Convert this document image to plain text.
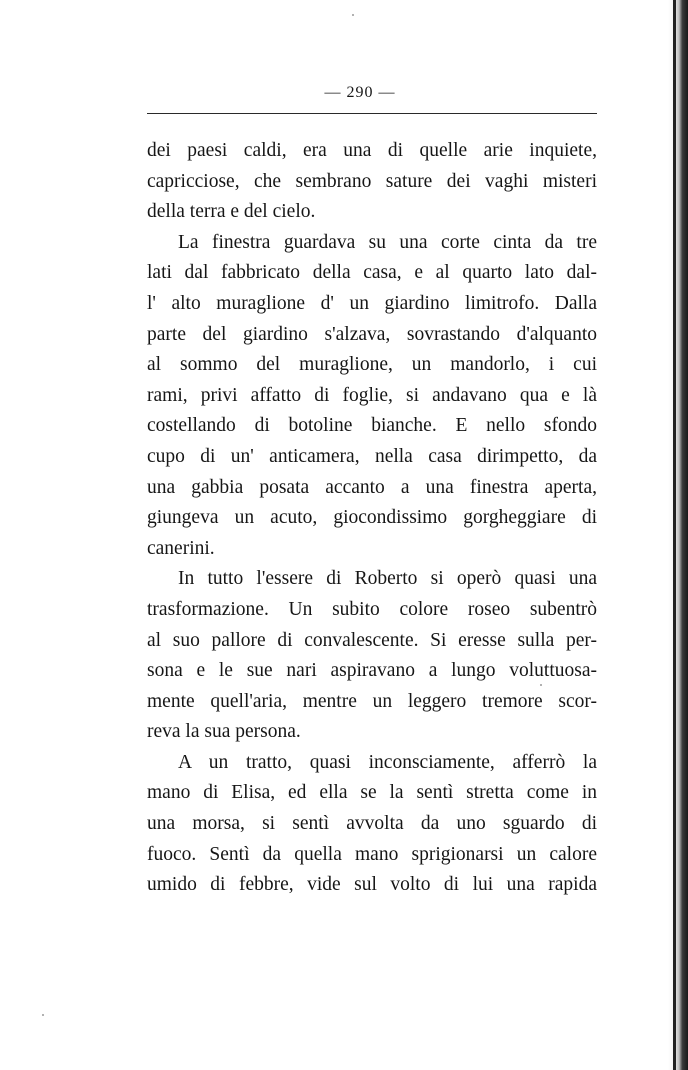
— 290 —
dei paesi caldi, era una di quelle arie inquiete,
capricciose, che sembrano sature dei vaghi misteri
della terra e del cielo.
La finestra guardava su una corte cinta da tre
lati dal fabbricato della casa, e al quarto lato dal-
l' alto muraglione d' un giardino limitrofo. Dalla
parte del giardino s'alzava, sovrastando d'alquanto
al sommo del muraglione, un mandorlo, i cui
rami, privi affatto di foglie, si andavano qua e là
costellando di botoline bianche. E nello sfondo
cupo di un' anticamera, nella casa dirimpetto, da
una gabbia posata accanto a una finestra aperta,
giungeva un acuto, giocondissimo gorgheggiare di
canerini.
In tutto l'essere di Roberto si operò quasi una
trasformazione. Un subito colore roseo subentrò
al suo pallore di convalescente. Si eresse sulla per-
sona e le sue nari aspiravano a lungo voluttuosa-
mente quell'aria, mentre un leggero tremore scor-
reva la sua persona.
A un tratto, quasi inconsciamente, afferrò la
mano di Elisa, ed ella se la sentì stretta come in
una morsa, si sentì avvolta da uno sguardo di
fuoco. Sentì da quella mano sprigionarsi un calore
umido di febbre, vide sul volto di lui una rapida
